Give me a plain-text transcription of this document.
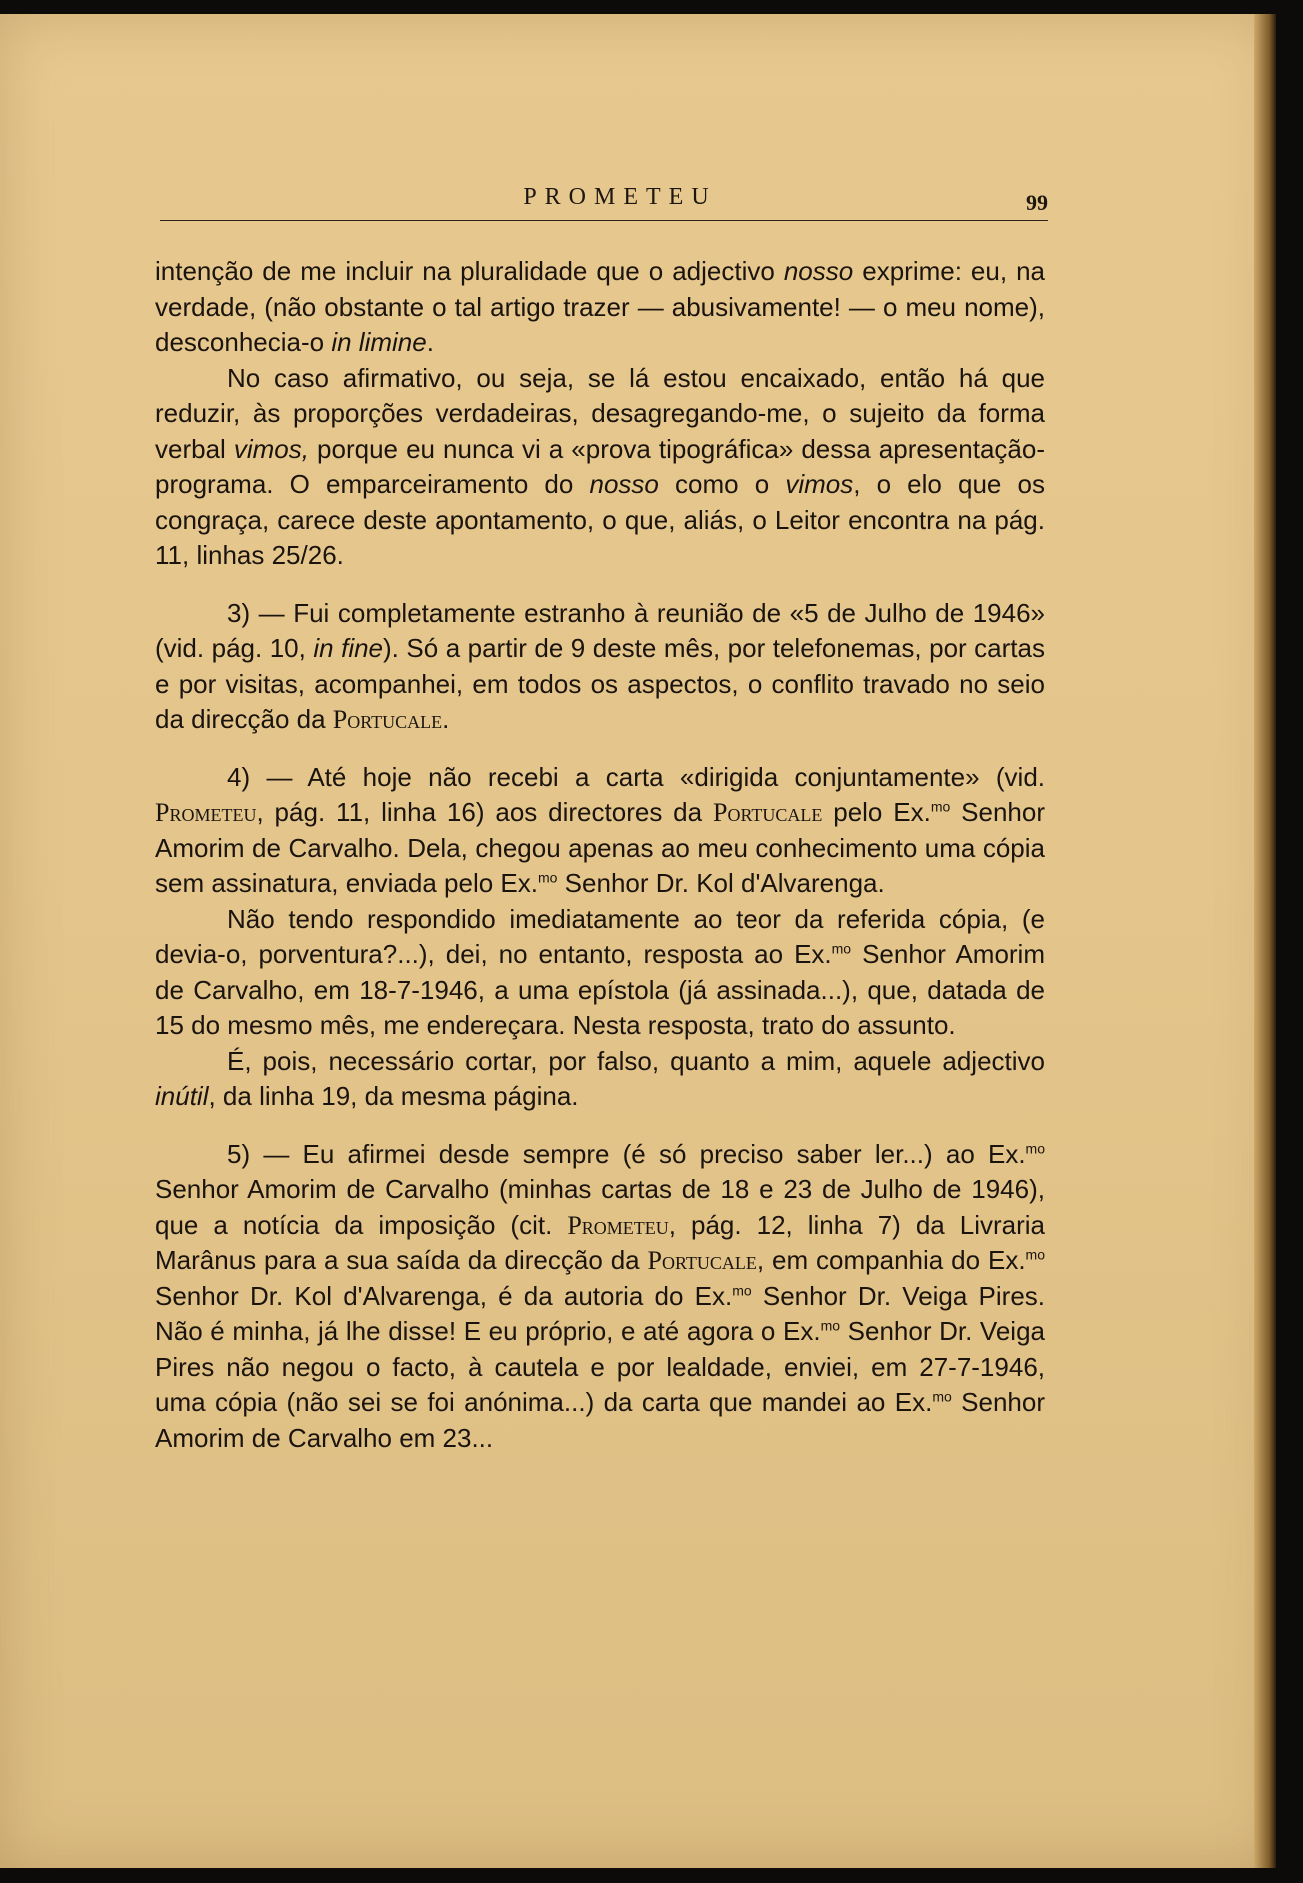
PROMETEU	99

intenção de me incluir na pluralidade que o adjectivo nosso exprime: eu, na verdade, (não obstante o tal artigo trazer — abusivamente! — o meu nome), desconhecia-o in limine.

No caso afirmativo, ou seja, se lá estou encaixado, então há que reduzir, às proporções verdadeiras, desagregando-me, o sujeito da forma verbal vimos, porque eu nunca vi a «prova tipográfica» dessa apresentação-programa. O emparceiramento do nosso como o vimos, o elo que os congraça, carece deste apontamento, o que, aliás, o Leitor encontra na pág. 11, linhas 25/26.

3) — Fui completamente estranho à reunião de «5 de Julho de 1946» (vid. pág. 10, in fine). Só a partir de 9 deste mês, por telefonemas, por cartas e por visitas, acompanhei, em todos os aspectos, o conflito travado no seio da direcção da Portucale.

4) — Até hoje não recebi a carta «dirigida conjuntamente» (vid. Prometeu, pág. 11, linha 16) aos directores da Portucale pelo Ex.$^{mo}$ Senhor Amorim de Carvalho. Dela, chegou apenas ao meu conhecimento uma cópia sem assinatura, enviada pelo Ex.$^{mo}$ Senhor Dr. Kol d'Alvarenga.

Não tendo respondido imediatamente ao teor da referida cópia, (e devia-o, porventura?...), dei, no entanto, resposta ao Ex.$^{mo}$ Senhor Amorim de Carvalho, em 18-7-1946, a uma epístola (já assinada...), que, datada de 15 do mesmo mês, me endereçara. Nesta resposta, trato do assunto.

É, pois, necessário cortar, por falso, quanto a mim, aquele adjectivo inútil, da linha 19, da mesma página.

5) — Eu afirmei desde sempre (é só preciso saber ler...) ao Ex.$^{mo}$ Senhor Amorim de Carvalho (minhas cartas de 18 e 23 de Julho de 1946), que a notícia da imposição (cit. Prometeu, pág. 12, linha 7) da Livraria Marânus para a sua saída da direcção da Portucale, em companhia do Ex.$^{mo}$ Senhor Dr. Kol d'Alvarenga, é da autoria do Ex.$^{mo}$ Senhor Dr. Veiga Pires. Não é minha, já lhe disse! E eu próprio, e até agora o Ex.$^{mo}$ Senhor Dr. Veiga Pires não negou o facto, à cautela e por lealdade, enviei, em 27-7-1946, uma cópia (não sei se foi anónima...) da carta que mandei ao Ex.$^{mo}$ Senhor Amorim de Carvalho em 23...
